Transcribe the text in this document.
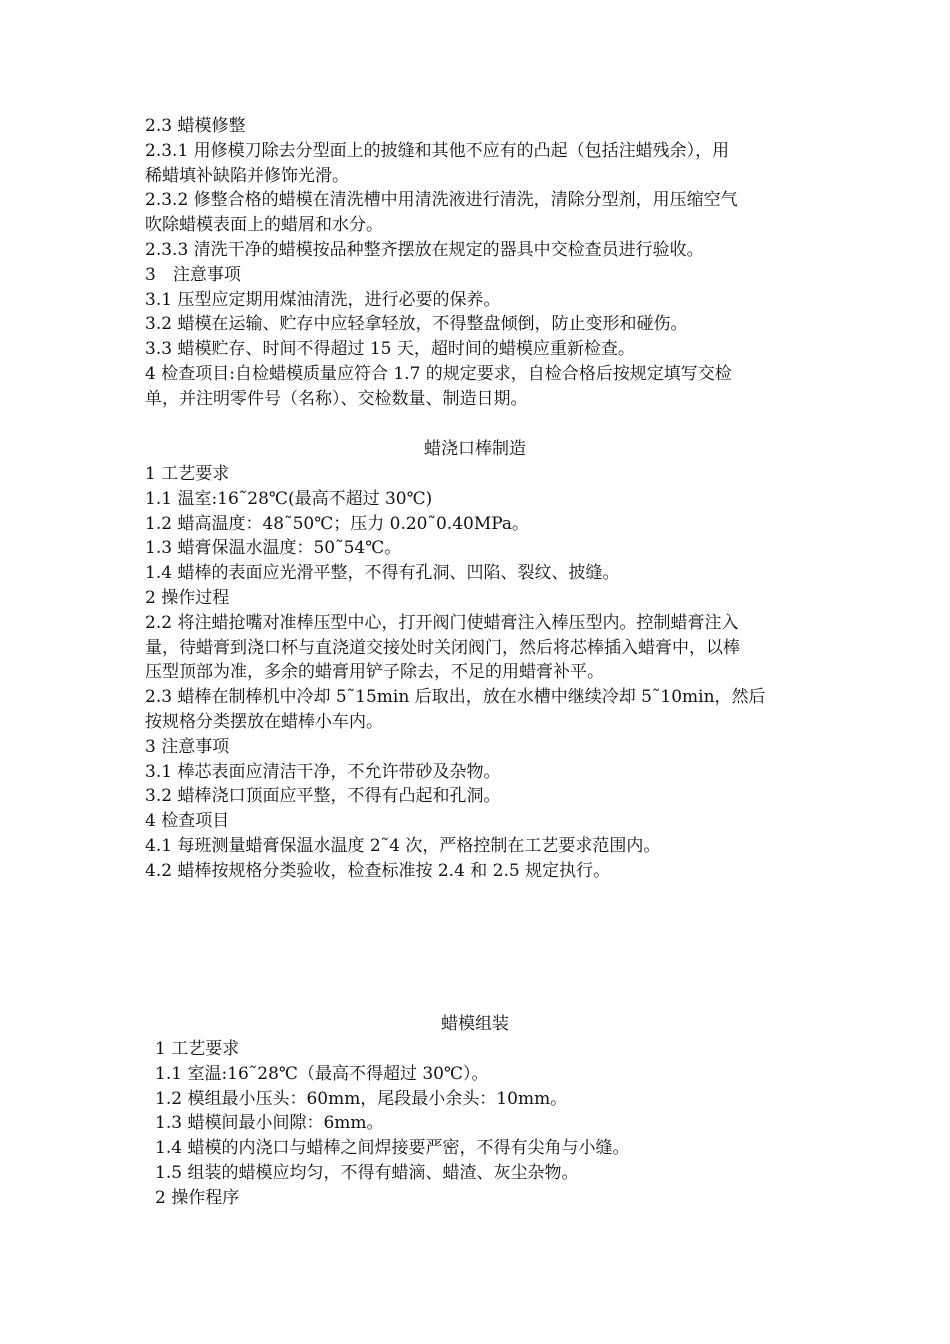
2.3 蜡模修整
2.3.1 用修模刀除去分型面上的披缝和其他不应有的凸起（包括注蜡残余），用
稀蜡填补缺陷并修饰光滑。
2.3.2 修整合格的蜡模在清洗槽中用清洗液进行清洗，清除分型剂，用压缩空气
吹除蜡模表面上的蜡屑和水分。
2.3.3 清洗干净的蜡模按品种整齐摆放在规定的器具中交检查员进行验收。
3　注意事项
3.1 压型应定期用煤油清洗，进行必要的保养。
3.2 蜡模在运输、贮存中应轻拿轻放，不得整盘倾倒，防止变形和碰伤。
3.3 蜡模贮存、时间不得超过 15 天，超时间的蜡模应重新检查。
4 检查项目:自检蜡模质量应符合 1.7 的规定要求，自检合格后按规定填写交检
单，并注明零件号（名称）、交检数量、制造日期。
蜡浇口棒制造
1 工艺要求
1.1 温室:16˜28℃(最高不超过 30℃)
1.2 蜡高温度：48˜50℃；压力 0.20˜0.40MPa。
1.3 蜡膏保温水温度：50˜54℃。
1.4 蜡棒的表面应光滑平整，不得有孔洞、凹陷、裂纹、披缝。
2 操作过程
2.2 将注蜡抢嘴对准棒压型中心，打开阀门使蜡膏注入棒压型内。控制蜡膏注入
量，待蜡膏到浇口杯与直浇道交接处时关闭阀门，然后将芯棒插入蜡膏中，以棒
压型顶部为准，多余的蜡膏用铲子除去，不足的用蜡膏补平。
2.3 蜡棒在制棒机中冷却 5˜15min 后取出，放在水槽中继续冷却 5˜10min，然后
按规格分类摆放在蜡棒小车内。
3 注意事项
3.1 棒芯表面应清洁干净，不允许带砂及杂物。
3.2 蜡棒浇口顶面应平整，不得有凸起和孔洞。
4 检查项目
4.1 每班测量蜡膏保温水温度 2˜4 次，严格控制在工艺要求范围内。
4.2 蜡棒按规格分类验收，检查标准按 2.4 和 2.5 规定执行。
蜡模组装
1 工艺要求
1.1 室温:16˜28℃（最高不得超过 30℃）。
1.2 模组最小压头：60mm，尾段最小余头：10mm。
1.3 蜡模间最小间隙：6mm。
1.4 蜡模的内浇口与蜡棒之间焊接要严密，不得有尖角与小缝。
1.5 组装的蜡模应均匀，不得有蜡滴、蜡渣、灰尘杂物。
2 操作程序
